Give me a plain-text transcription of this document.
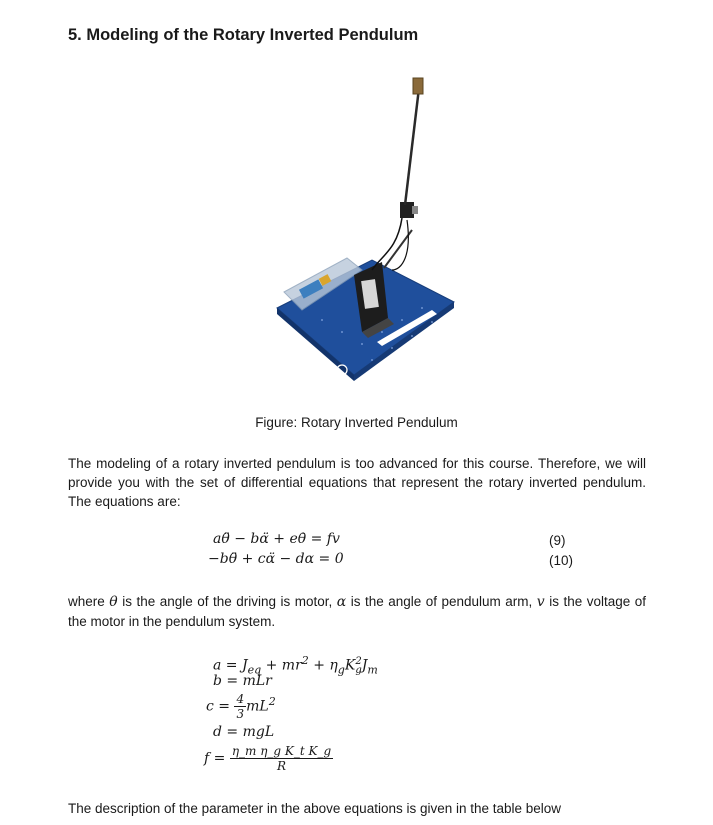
5. Modeling of the Rotary Inverted Pendulum
Figure: Rotary Inverted Pendulum
The modeling of a rotary inverted pendulum is too advanced for this course. Therefore, we will provide you with the set of differential equations that represent the rotary inverted pendulum. The equations are:
aθ̈ − bα̈ + eθ̇ = fv	(9)
−bθ̈ + cα̈ − dα = 0	(10)
where θ is the angle of the driving is motor, α is the angle of pendulum arm, v is the voltage of the motor in the pendulum system.
$a = J_{eq} + mr^2 + \eta_gK$ 2
g $J_m$
b = mLr
$c = \frac{4}{3} mL^2$
d = mgL
$f = \frac{\text{η\_m η\_g K\_t K\_g}}{R}$
The description of the parameter in the above equations is given in the table below
